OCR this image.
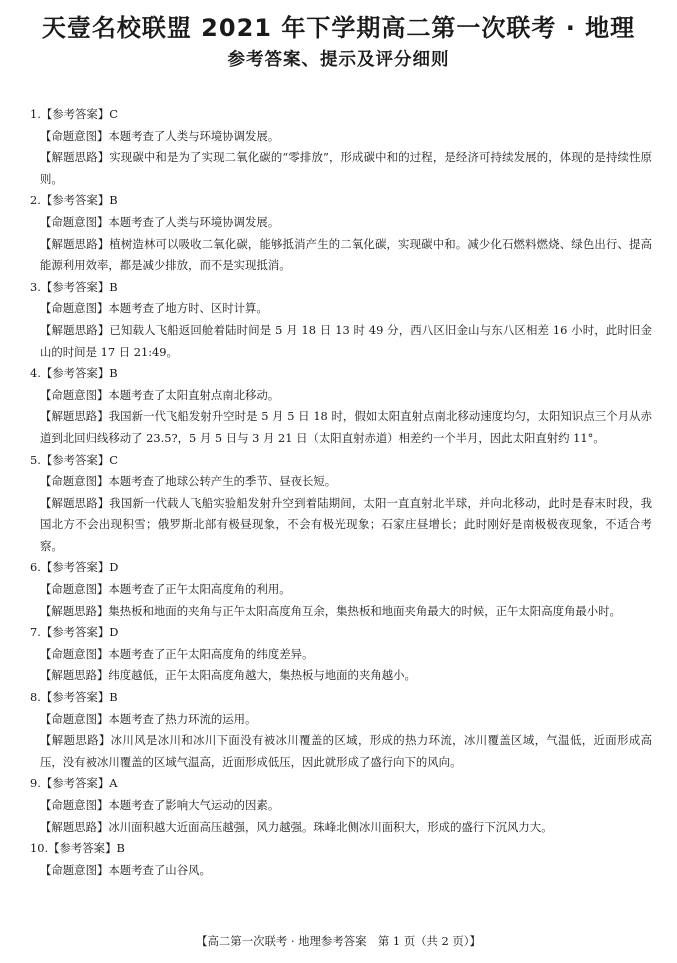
天壹名校联盟 2021 年下学期高二第一次联考 · 地理
参考答案、提示及评分细则
1.【参考答案】C
【命题意图】本题考查了人类与环境协调发展。
【解题思路】实现碳中和是为了实现二氧化碳的“零排放”，形成碳中和的过程，是经济可持续发展的，体现的是持续性原则。
2.【参考答案】B
【命题意图】本题考查了人类与环境协调发展。
【解题思路】植树造林可以吸收二氧化碳，能够抵消产生的二氧化碳，实现碳中和。减少化石燃料燃烧、绿色出行、提高能源利用效率，都是减少排放，而不是实现抵消。
3.【参考答案】B
【命题意图】本题考查了地方时、区时计算。
【解题思路】已知载人飞船返回舱着陆时间是 5 月 18 日 13 时 49 分，西八区旧金山与东八区相差 16 小时，此时旧金山的时间是 17 日 21:49。
4.【参考答案】B
【命题意图】本题考查了太阳直射点南北移动。
【解题思路】我国新一代飞船发射升空时是 5 月 5 日 18 时，假如太阳直射点南北移动速度均匀，太阳知识点三个月从赤道到北回归线移动了 23.5?，5 月 5 日与 3 月 21 日（太阳直射赤道）相差约一个半月，因此太阳直射约 11°。
5.【参考答案】C
【命题意图】本题考查了地球公转产生的季节、昼夜长短。
【解题思路】我国新一代载人飞船实验船发射升空到着陆期间，太阳一直直射北半球，并向北移动，此时是春末时段，我国北方不会出现积雪；俄罗斯北部有极昼现象，不会有极光现象；石家庄昼增长；此时刚好是南极极夜现象，不适合考察。
6.【参考答案】D
【命题意图】本题考查了正午太阳高度角的利用。
【解题思路】集热板和地面的夹角与正午太阳高度角互余，集热板和地面夹角最大的时候，正午太阳高度角最小时。
7.【参考答案】D
【命题意图】本题考查了正午太阳高度角的纬度差异。
【解题思路】纬度越低，正午太阳高度角越大，集热板与地面的夹角越小。
8.【参考答案】B
【命题意图】本题考查了热力环流的运用。
【解题思路】冰川风是冰川和冰川下面没有被冰川覆盖的区域，形成的热力环流，冰川覆盖区域，气温低，近面形成高压，没有被冰川覆盖的区域气温高，近面形成低压，因此就形成了盛行向下的风向。
9.【参考答案】A
【命题意图】本题考查了影响大气运动的因素。
【解题思路】冰川面积越大近面高压越强，风力越强。珠峰北侧冰川面积大，形成的盛行下沉风力大。
10.【参考答案】B
【命题意图】本题考查了山谷风。
【高二第一次联考 · 地理参考答案　第 1 页（共 2 页）】
